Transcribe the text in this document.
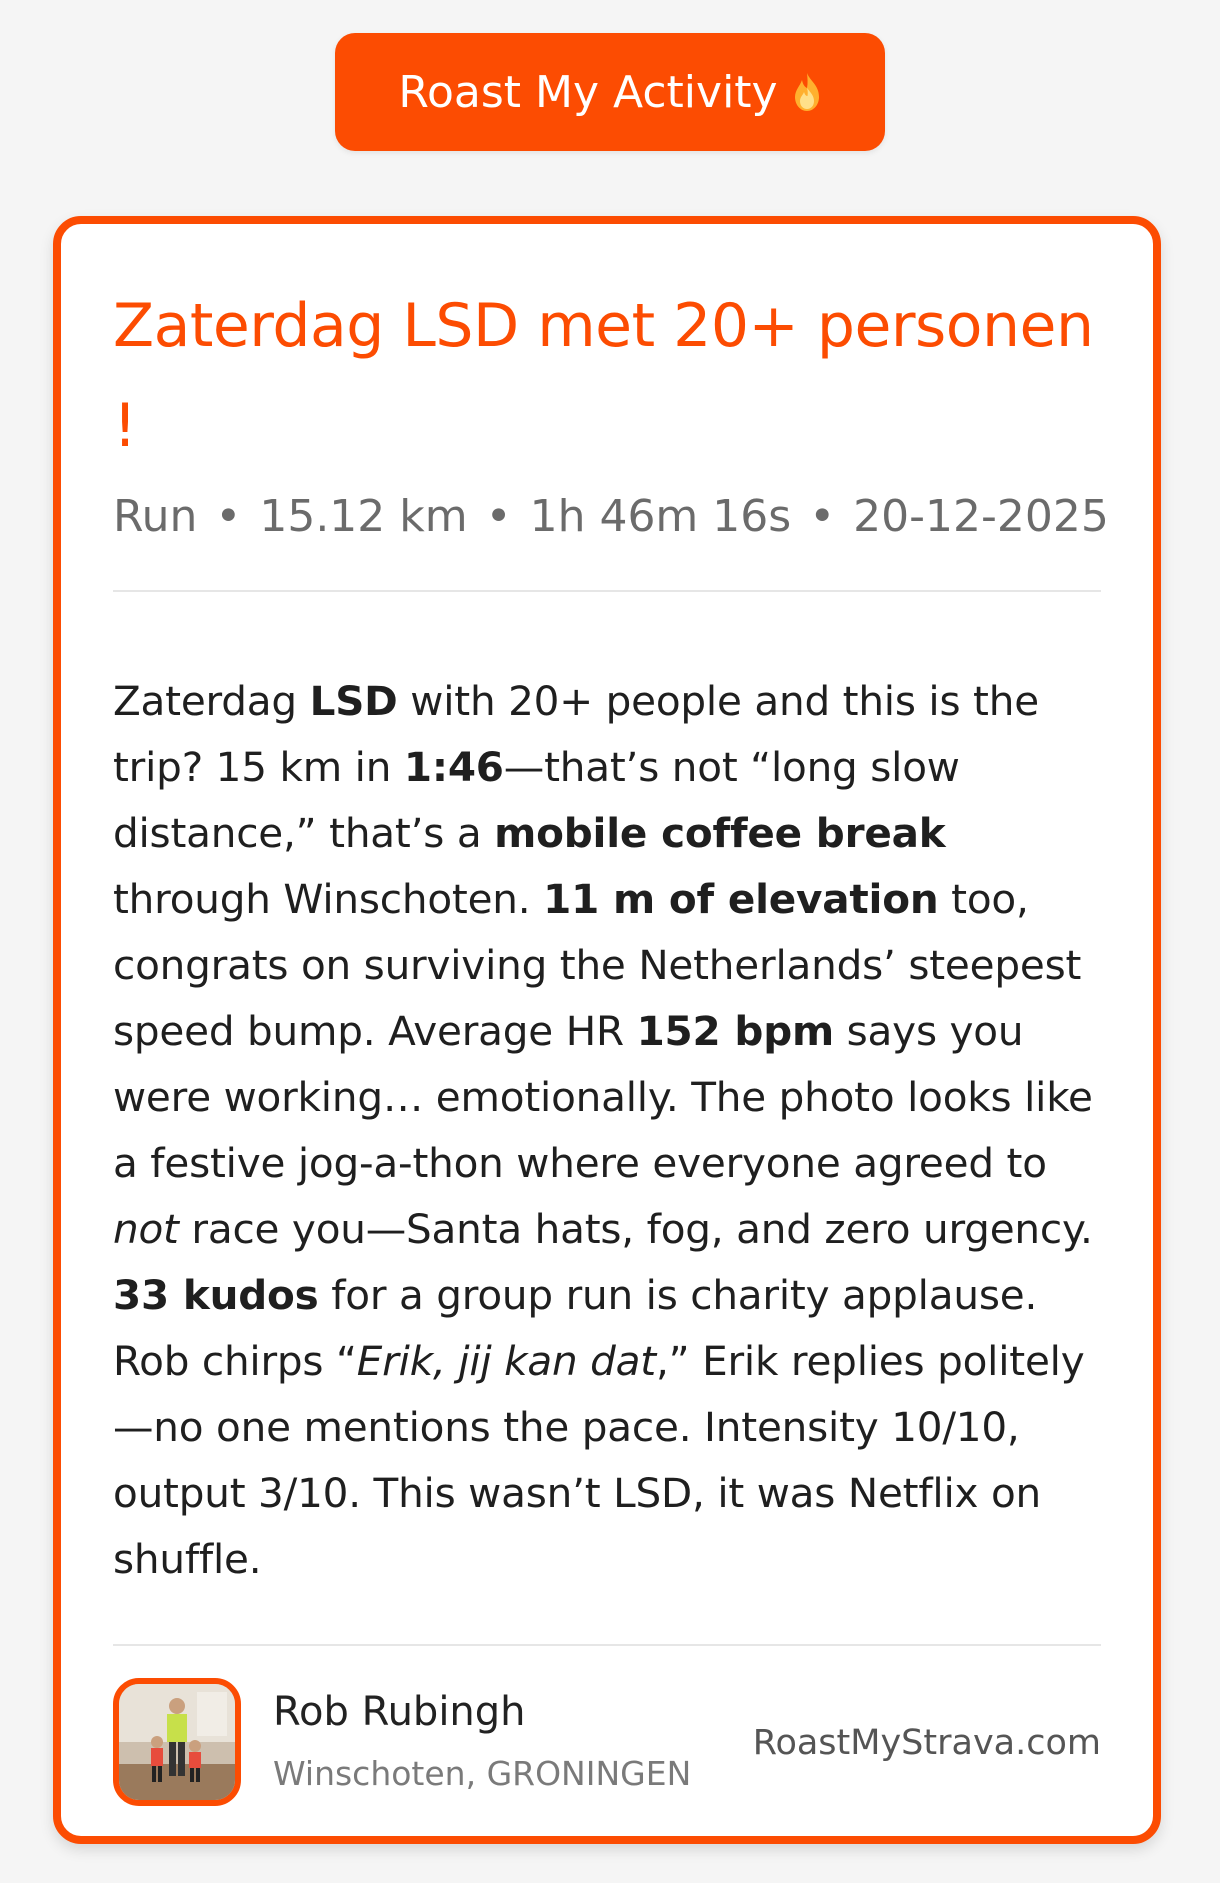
Roast My Activity
Zaterdag LSD met 20+ personen !
Run • 15.12 km • 1h 46m 16s • 20-12-2025

Zaterdag LSD with 20+ people and this is the trip? 15 km in 1:46—that’s not “long slow distance,” that’s a mobile coffee break through Winschoten. 11 m of elevation too, congrats on surviving the Netherlands’ steepest speed bump. Average HR 152 bpm says you were working… emotionally. The photo looks like a festive jog-a-thon where everyone agreed to not race you—Santa hats, fog, and zero urgency. 33 kudos for a group run is charity applause. Rob chirps “Erik, jij kan dat,” Erik replies politely—no one mentions the pace. Intensity 10/10, output 3/10. This wasn’t LSD, it was Netflix on shuffle.

Rob Rubingh
Winschoten, GRONINGEN
RoastMyStrava.com
